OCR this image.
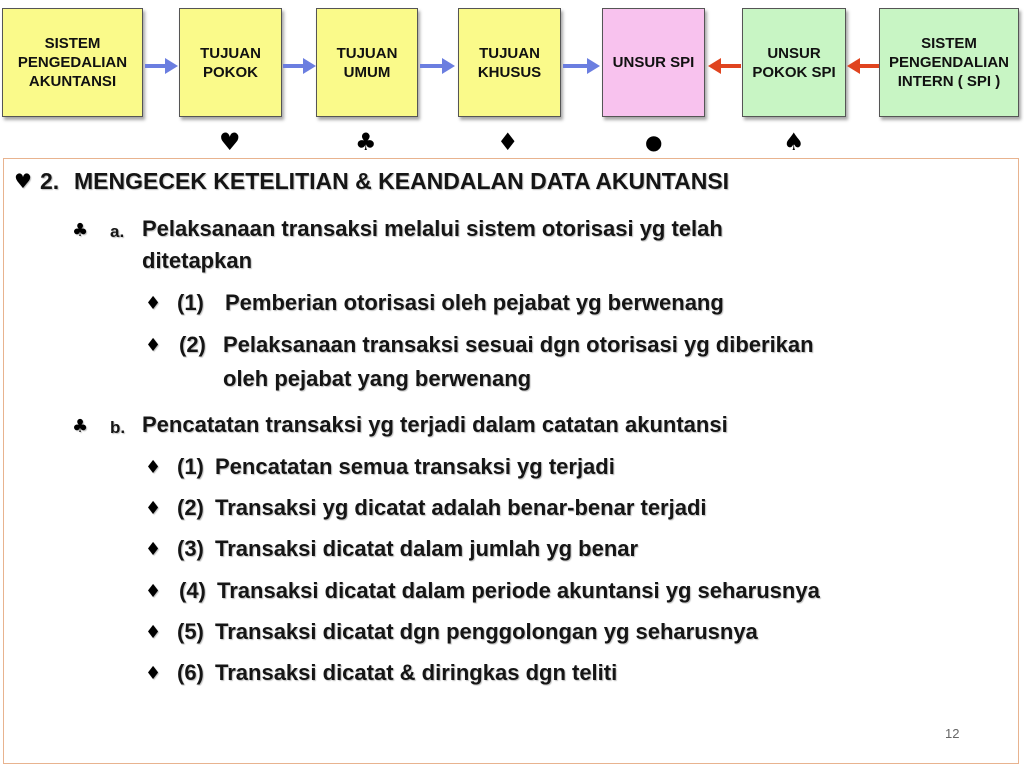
SISTEM PENGEDALIAN AKUNTANSI
TUJUAN POKOK
TUJUAN UMUM
TUJUAN KHUSUS
UNSUR SPI
UNSUR POKOK SPI
SISTEM PENGENDALIAN INTERN ( SPI )
♥	♣	♦	●	♠
♥ 2. MENGECEK KETELITIAN & KEANDALAN DATA AKUNTANSI
♣ a. Pelaksanaan transaksi melalui sistem otorisasi yg telah
ditetapkan
♦ (1) Pemberian otorisasi oleh pejabat yg berwenang
♦ (2) Pelaksanaan transaksi sesuai dgn otorisasi yg diberikan
oleh pejabat yang berwenang
♣ b. Pencatatan transaksi yg terjadi dalam catatan akuntansi
♦ (1) Pencatatan semua transaksi yg terjadi
♦ (2) Transaksi yg dicatat adalah benar-benar terjadi
♦ (3) Transaksi dicatat dalam jumlah yg benar
♦ (4) Transaksi dicatat dalam periode akuntansi yg seharusnya
♦ (5) Transaksi dicatat dgn penggolongan yg seharusnya
♦ (6) Transaksi dicatat & diringkas dgn teliti
12
